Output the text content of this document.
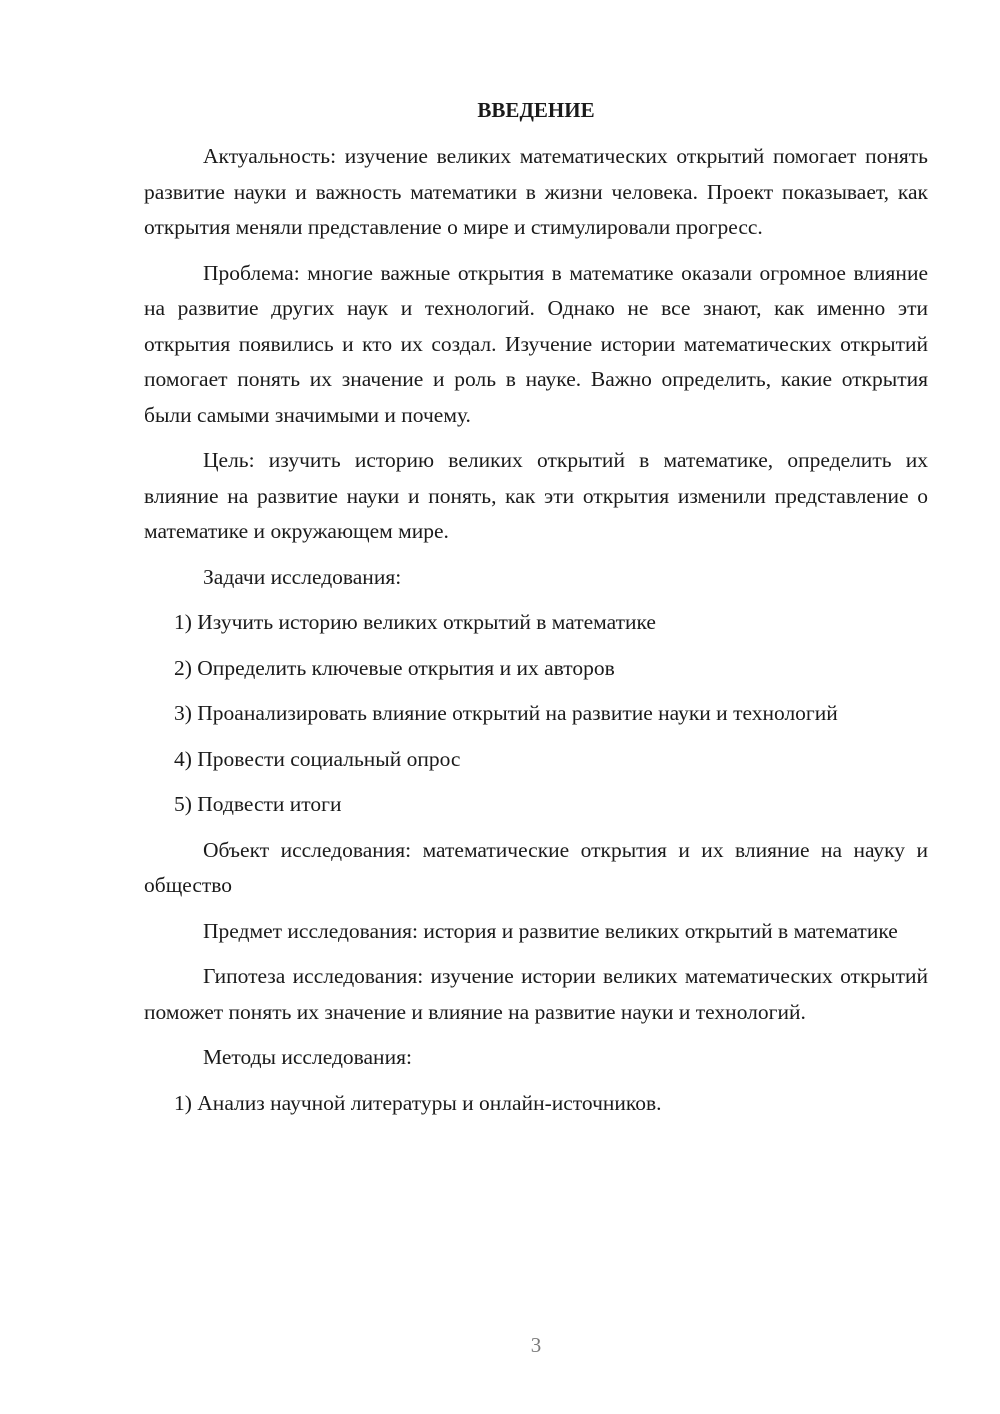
ВВЕДЕНИЕ

Актуальность: изучение великих математических открытий помогает понять развитие науки и важность математики в жизни человека. Проект показывает, как открытия меняли представление о мире и стимулировали прогресс.

Проблема: многие важные открытия в математике оказали огромное влияние на развитие других наук и технологий. Однако не все знают, как именно эти открытия появились и кто их создал. Изучение истории математических открытий помогает понять их значение и роль в науке. Важно определить, какие открытия были самыми значимыми и почему.

Цель: изучить историю великих открытий в математике, определить их влияние на развитие науки и понять, как эти открытия изменили представление о математике и окружающем мире.

Задачи исследования:

1) Изучить историю великих открытий в математике

2) Определить ключевые открытия и их авторов

3) Проанализировать влияние открытий на развитие науки и технологий

4) Провести социальный опрос

5) Подвести итоги

Объект исследования: математические открытия и их влияние на науку и общество

Предмет исследования: история и развитие великих открытий в математике

Гипотеза исследования: изучение истории великих математических открытий поможет понять их значение и влияние на развитие науки и технологий.

Методы исследования:

1) Анализ научной литературы и онлайн-источников.

3
